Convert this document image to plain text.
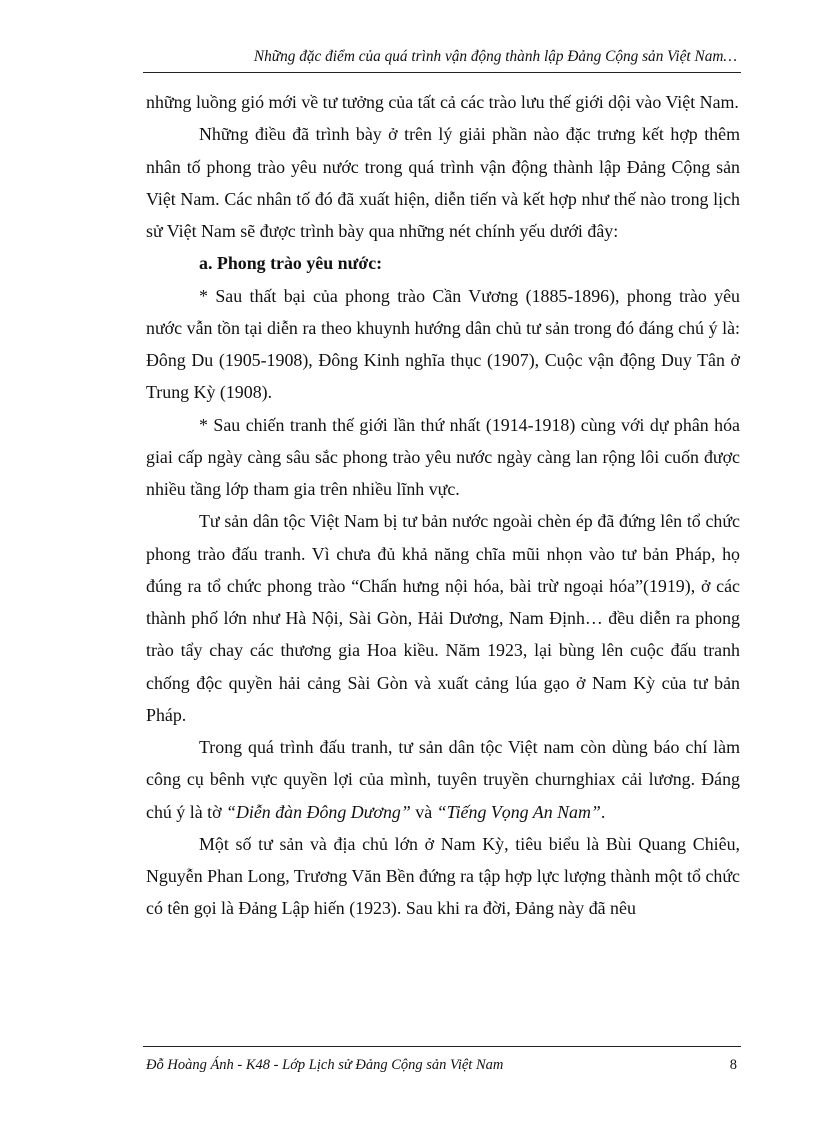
Những đặc điểm của quá trình vận động thành lập Đảng Cộng sản Việt Nam…

những luồng gió mới về tư tưởng của tất cả các trào lưu thế giới dội vào Việt Nam.

Những điều đã trình bày ở trên lý giải phần nào đặc trưng kết hợp thêm nhân tố phong trào yêu nước trong quá trình vận động thành lập Đảng Cộng sản Việt Nam. Các nhân tố đó đã xuất hiện, diễn tiến và kết hợp như thế nào trong lịch sử Việt Nam sẽ được trình bày qua những nét chính yếu dưới đây:

a. Phong trào yêu nước:

* Sau thất bại của phong trào Cần Vương (1885-1896), phong trào yêu nước vẫn tồn tại diễn ra theo khuynh hướng dân chủ tư sản trong đó đáng chú ý là: Đông Du (1905-1908), Đông Kinh nghĩa thục (1907), Cuộc vận động Duy Tân ở Trung Kỳ (1908).

* Sau chiến tranh thế giới lần thứ nhất (1914-1918) cùng với dự phân hóa giai cấp ngày càng sâu sắc phong trào yêu nước ngày càng lan rộng lôi cuốn được nhiều tầng lớp tham gia trên nhiều lĩnh vực.

Tư sản dân tộc Việt Nam bị tư bản nước ngoài chèn ép đã đứng lên tổ chức phong trào đấu tranh. Vì chưa đủ khả năng chĩa mũi nhọn vào tư bản Pháp, họ đúng ra tổ chức phong trào “Chấn hưng nội hóa, bài trừ ngoại hóa”(1919), ở các thành phố lớn như Hà Nội, Sài Gòn, Hải Dương, Nam Định… đều diễn ra phong trào tẩy chay các thương gia Hoa kiều. Năm 1923, lại bùng lên cuộc đấu tranh chống độc quyền hải cảng Sài Gòn và xuất cảng lúa gạo ở Nam Kỳ của tư bản Pháp.

Trong quá trình đấu tranh, tư sản dân tộc Việt nam còn dùng báo chí làm công cụ bênh vực quyền lợi của mình, tuyên truyền churnghiax cải lương. Đáng chú ý là tờ “Diễn đàn Đông Dương” và “Tiếng Vọng An Nam”.

Một số tư sản và địa chủ lớn ở Nam Kỳ, tiêu biểu là Bùi Quang Chiêu, Nguyễn Phan Long, Trương Văn Bền đứng ra tập hợp lực lượng thành một tổ chức có tên gọi là Đảng Lập hiến (1923). Sau khi ra đời, Đảng này đã nêu

Đỗ Hoàng Ánh - K48 - Lớp Lịch sử Đảng Cộng sản Việt Nam	8
